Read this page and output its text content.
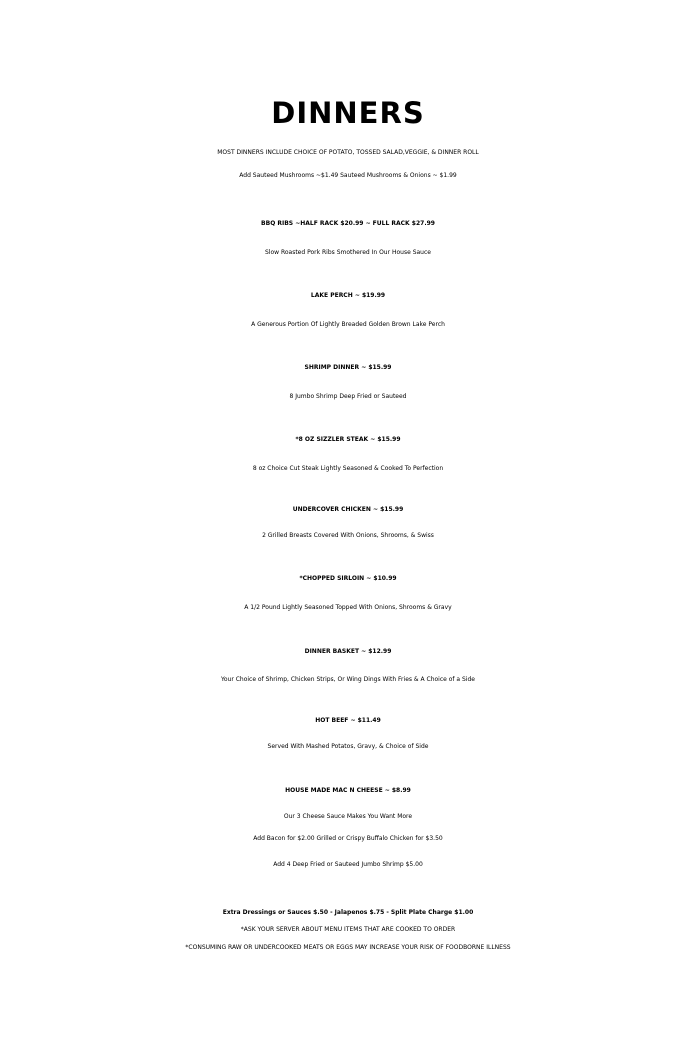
DINNERS
MOST DINNERS INCLUDE CHOICE OF POTATO, TOSSED SALAD,VEGGIE, & DINNER ROLL
Add Sauteed Mushrooms ~$1.49 Sauteed Mushrooms & Onions ~ $1.99
BBQ RIBS ~HALF RACK $20.99 ~ FULL RACK $27.99
Slow Roasted Pork Ribs Smothered In Our House Sauce
LAKE PERCH ~ $19.99
A Generous Portion Of Lightly Breaded Golden Brown Lake Perch
SHRIMP DINNER ~ $15.99
8 Jumbo Shrimp Deep Fried or Sauteed
*8 OZ SIZZLER STEAK ~ $15.99
8 oz Choice Cut Steak Lightly Seasoned & Cooked To Perfection
UNDERCOVER CHICKEN ~ $15.99
2 Grilled Breasts Covered With Onions, Shrooms, & Swiss
*CHOPPED SIRLOIN ~ $10.99
A 1/2 Pound Lightly Seasoned Topped With Onions, Shrooms & Gravy
DINNER BASKET ~ $12.99
Your Choice of Shrimp, Chicken Strips, Or Wing Dings With Fries & A Choice of a Side
HOT BEEF ~ $11.49
Served With Mashed Potatos, Gravy, & Choice of Side
HOUSE MADE MAC N CHEESE ~ $8.99
Our 3 Cheese Sauce Makes You Want More
Add Bacon for $2.00 Grilled or Crispy Buffalo Chicken for $3.50
Add 4 Deep Fried or Sauteed Jumbo Shrimp $5.00
Extra Dressings or Sauces $.50 - Jalapenos $.75 - Split Plate Charge $1.00
*ASK YOUR SERVER ABOUT MENU ITEMS THAT ARE COOKED TO ORDER
*CONSUMING RAW OR UNDERCOOKED MEATS OR EGGS MAY INCREASE YOUR RISK OF FOODBORNE ILLNESS
